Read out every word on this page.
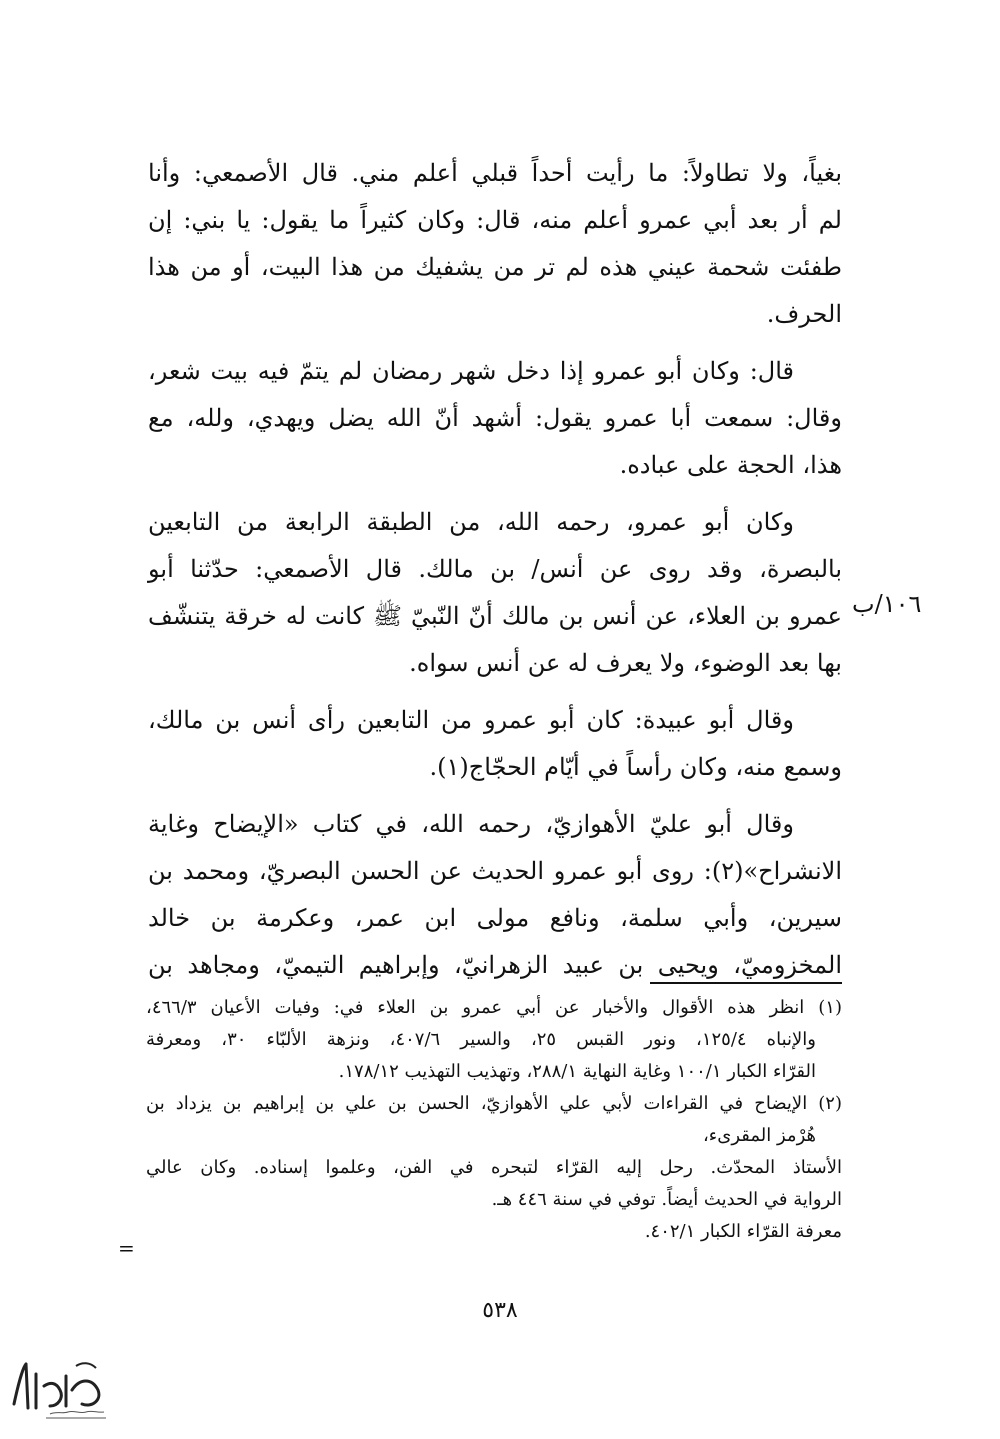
بغياً، ولا تطاولاً: ما رأيت أحداً قبلي أعلم مني. قال الأصمعي: وأنا
لم أر بعد أبي عمرو أعلم منه، قال: وكان كثيراً ما يقول: يا بني: إن
طفئت شحمة عيني هذه لم تر من يشفيك من هذا البيت، أو من هذا
الحرف.

قال: وكان أبو عمرو إذا دخل شهر رمضان لم يتمّ فيه بيت شعر،
وقال: سمعت أبا عمرو يقول: أشهد أنّ الله يضل ويهدي، ولله، مع
هذا، الحجة على عباده.

وكان أبو عمرو، رحمه الله، من الطبقة الرابعة من التابعين
بالبصرة، وقد روى عن أنس/ بن مالك. قال الأصمعي: حدّثنا أبو
عمرو بن العلاء، عن أنس بن مالك أنّ النّبيّ ﷺ كانت له خرقة يتنشّف
بها بعد الوضوء، ولا يعرف له عن أنس سواه.

وقال أبو عبيدة: كان أبو عمرو من التابعين رأى أنس بن مالك،
وسمع منه، وكان رأساً في أيّام الحجّاج(١).

وقال أبو عليّ الأهوازيّ، رحمه الله، في كتاب «الإيضاح وغاية
الانشراح»(٢): روى أبو عمرو الحديث عن الحسن البصريّ، ومحمد بن
سيرين، وأبي سلمة، ونافع مولى ابن عمر، وعكرمة بن خالد
المخزوميّ، ويحيى بن عبيد الزهرانيّ، وإبراهيم التيميّ، ومجاهد بن

١٠٦/ب
(١) انظر هذه الأقوال والأخبار عن أبي عمرو بن العلاء في: وفيات الأعيان ٤٦٦/٣،
والإنباه ١٢٥/٤، ونور القبس ٢٥، والسير ٤٠٧/٦، ونزهة الألبّاء ٣٠، ومعرفة
القرّاء الكبار ١٠٠/١ وغاية النهاية ٢٨٨/١، وتهذيب التهذيب ١٧٨/١٢.
(٢) الإيضاح في القراءات لأبي علي الأهوازيّ، الحسن بن علي بن إبراهيم بن يزداد بن
هُرْمز المقرىء،
الأستاذ المحدّث. رحل إليه القرّاء لتبحره في الفن، وعلموا إسناده. وكان عالي
الرواية في الحديث أيضاً. توفي في سنة ٤٤٦ هـ.
معرفة القرّاء الكبار ٤٠٢/١.
=
٥٣٨
